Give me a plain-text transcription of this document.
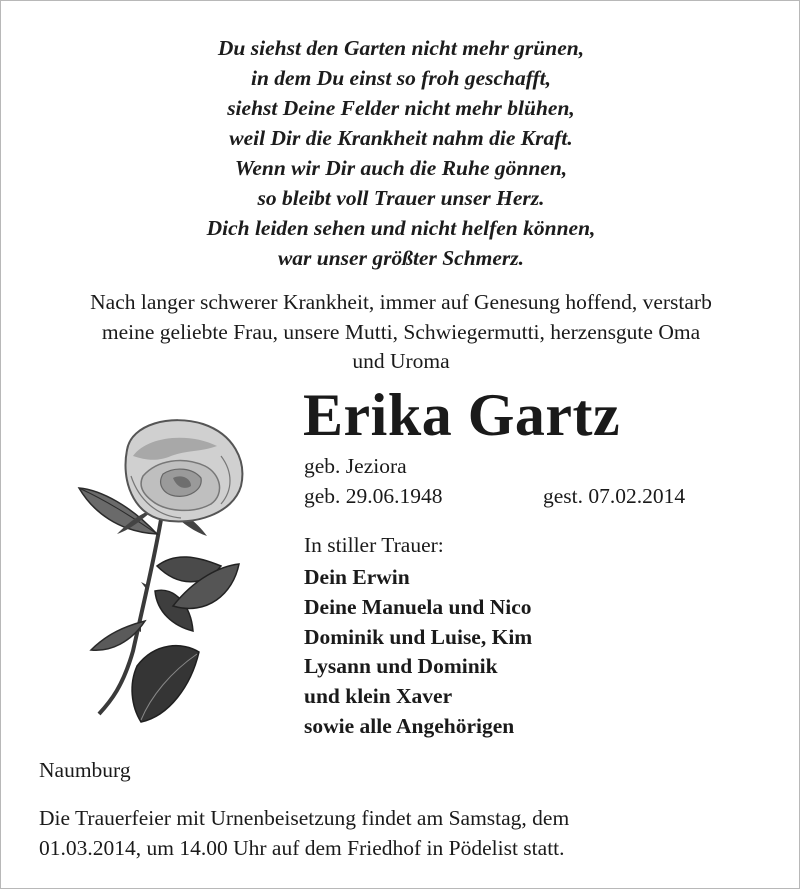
Du siehst den Garten nicht mehr grünen,
in dem Du einst so froh geschafft,
siehst Deine Felder nicht mehr blühen,
weil Dir die Krankheit nahm die Kraft.
Wenn wir Dir auch die Ruhe gönnen,
so bleibt voll Trauer unser Herz.
Dich leiden sehen und nicht helfen können,
war unser größter Schmerz.
Nach langer schwerer Krankheit, immer auf Genesung hoffend, verstarb
meine geliebte Frau, unsere Mutti, Schwiegermutti, herzensgute Oma
und Uroma
Erika Gartz
geb. Jeziora
geb. 29.06.1948	gest. 07.02.2014
In stiller Trauer:
Dein Erwin
Deine Manuela und Nico
Dominik und Luise, Kim
Lysann und Dominik
und klein Xaver
sowie alle Angehörigen
Naumburg
Die Trauerfeier mit Urnenbeisetzung findet am Samstag, dem
01.03.2014, um 14.00 Uhr auf dem Friedhof in Pödelist statt.
